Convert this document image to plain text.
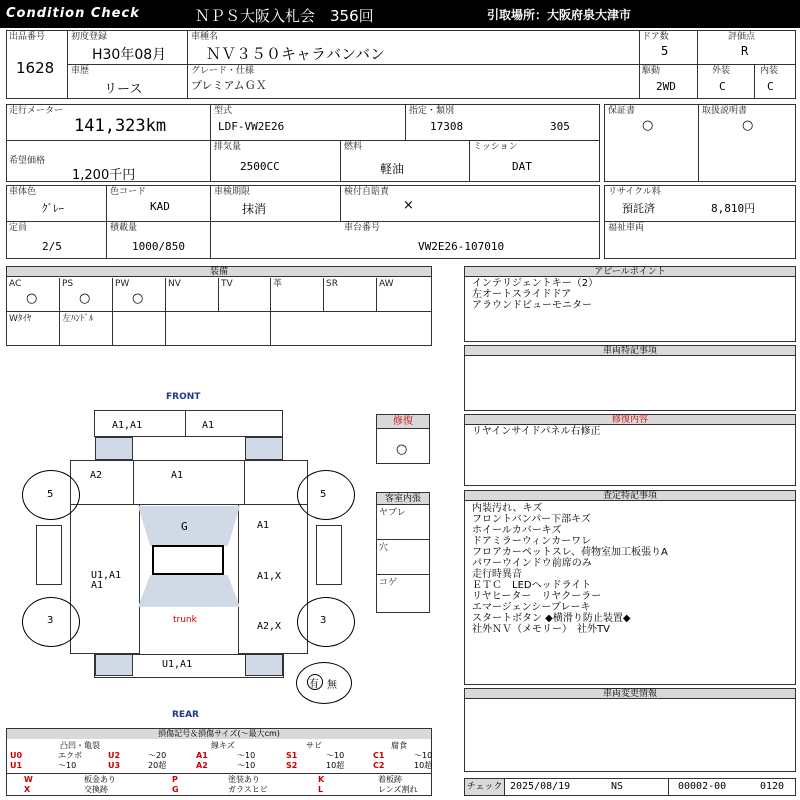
Condition Check	ＮＰＳ大阪入札会　356回	引取場所：大阪府泉大津市
出品番号
1628
初度登録
H30年08月
車種名
ＮＶ３５０キャラバンバン
ドア数
5
評価点
R
車歴
リース
グレード・仕様
プレミアムＧＸ
駆動
2WD
外装
C
内装
C
走行メーター
141,323km
型式
LDF-VW2E26
指定・類別
17308	305
希望価格
1,200千円
排気量
2500CC
燃料
軽油
ミッション
DAT
保証書
○
取扱説明書
○
車体色
ｸﾞﾚｰ
色コード
KAD
車検期限
抹消
検付自賠責
×
定員
2/5
積載量
1000/850
車台番号
VW2E26-107010
リサイクル料
預託済	8,810円
福祉車両
装備
AC	PS	PW	NV	TV	革	SR	AW
○	○	○
Wﾀｲﾔ	左ﾊﾝﾄﾞﾙ
アピールポイント
インテリジェントキー（2）
左オートスライドドア
アラウンドビューモニター
車両特記事項
修復内容
リヤインサイドパネル右修正
査定特記事項
内装汚れ、キズ
フロントバンパー下部キズ
ホイールカバーキズ
ドアミラーウィンカーワレ
フロアカーペットスレ、荷物室加工板張りA
パワーウインドウ前席のみ
走行時異音
ＥＴＣ　LEDヘッドライト
リヤヒーター　リヤクーラー
エマージェンシーブレーキ
スタートボタン ◆横滑り防止装置◆
社外ＮＶ（メモリー）　社外TV
車両変更情報
修復
○
客室内張
ヤブレ
穴
コゲ
FRONT
REAR
A1,A1	A1
A2	A1
G
trunk
A1
U1,A1
A1
A1,X
A2,X
U1,A1
5	5
3	3
有 無
損傷記号＆損傷サイズ(～最大cm)
凸凹・亀裂	線キズ	サビ	腐食
U0	エクボ	U2	～20	A1	～10	S1	～10	C1	～10
U1	～10	U3	20超	A2	～10	S2	10超	C2	10超
W	板金あり	P	塗装あり	K	着板跡
X	交換跡	G	ガラスヒビ	L	レンズ割れ	チェック 2025/08/19	NS	00002-00	0120
